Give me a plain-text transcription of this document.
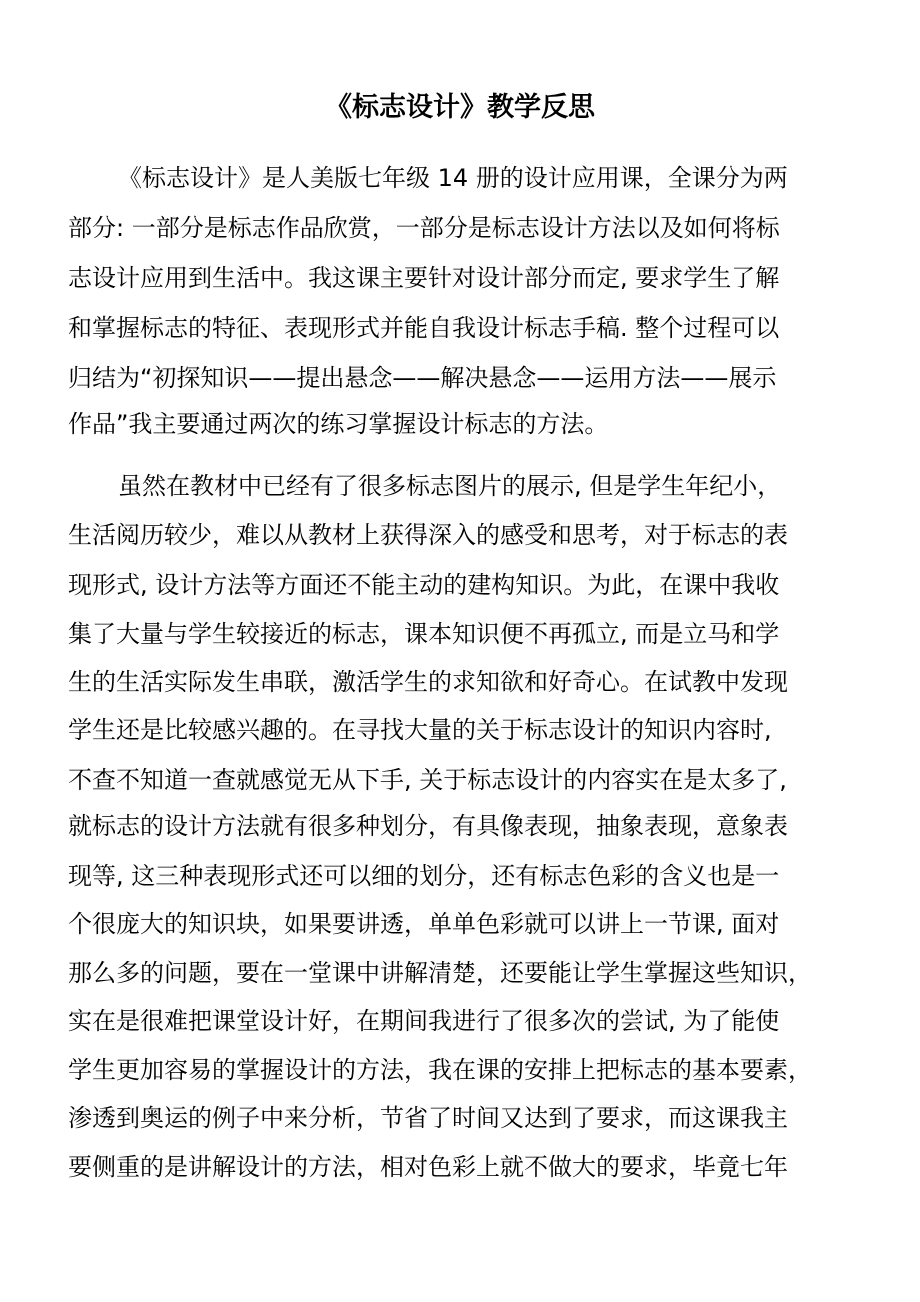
《标志设计》教学反思
《标志设计》是人美版七年级 14 册的设计应用课，全课分为两
部分: 一部分是标志作品欣赏，一部分是标志设计方法以及如何将标
志设计应用到生活中。我这课主要针对设计部分而定, 要求学生了解
和掌握标志的特征、表现形式并能自我设计标志手稿. 整个过程可以
归结为“初探知识——提出悬念——解决悬念——运用方法——展示
作品”我主要通过两次的练习掌握设计标志的方法。
虽然在教材中已经有了很多标志图片的展示, 但是学生年纪小，
生活阅历较少，难以从教材上获得深入的感受和思考，对于标志的表
现形式, 设计方法等方面还不能主动的建构知识。为此，在课中我收
集了大量与学生较接近的标志，课本知识便不再孤立, 而是立马和学
生的生活实际发生串联，激活学生的求知欲和好奇心。在试教中发现
学生还是比较感兴趣的。在寻找大量的关于标志设计的知识内容时,
不查不知道一查就感觉无从下手, 关于标志设计的内容实在是太多了,
就标志的设计方法就有很多种划分，有具像表现，抽象表现，意象表
现等, 这三种表现形式还可以细的划分，还有标志色彩的含义也是一
个很庞大的知识块，如果要讲透，单单色彩就可以讲上一节课, 面对
那么多的问题，要在一堂课中讲解清楚，还要能让学生掌握这些知识，
实在是很难把课堂设计好，在期间我进行了很多次的尝试, 为了能使
学生更加容易的掌握设计的方法，我在课的安排上把标志的基本要素，
渗透到奥运的例子中来分析，节省了时间又达到了要求，而这课我主
要侧重的是讲解设计的方法，相对色彩上就不做大的要求，毕竟七年
